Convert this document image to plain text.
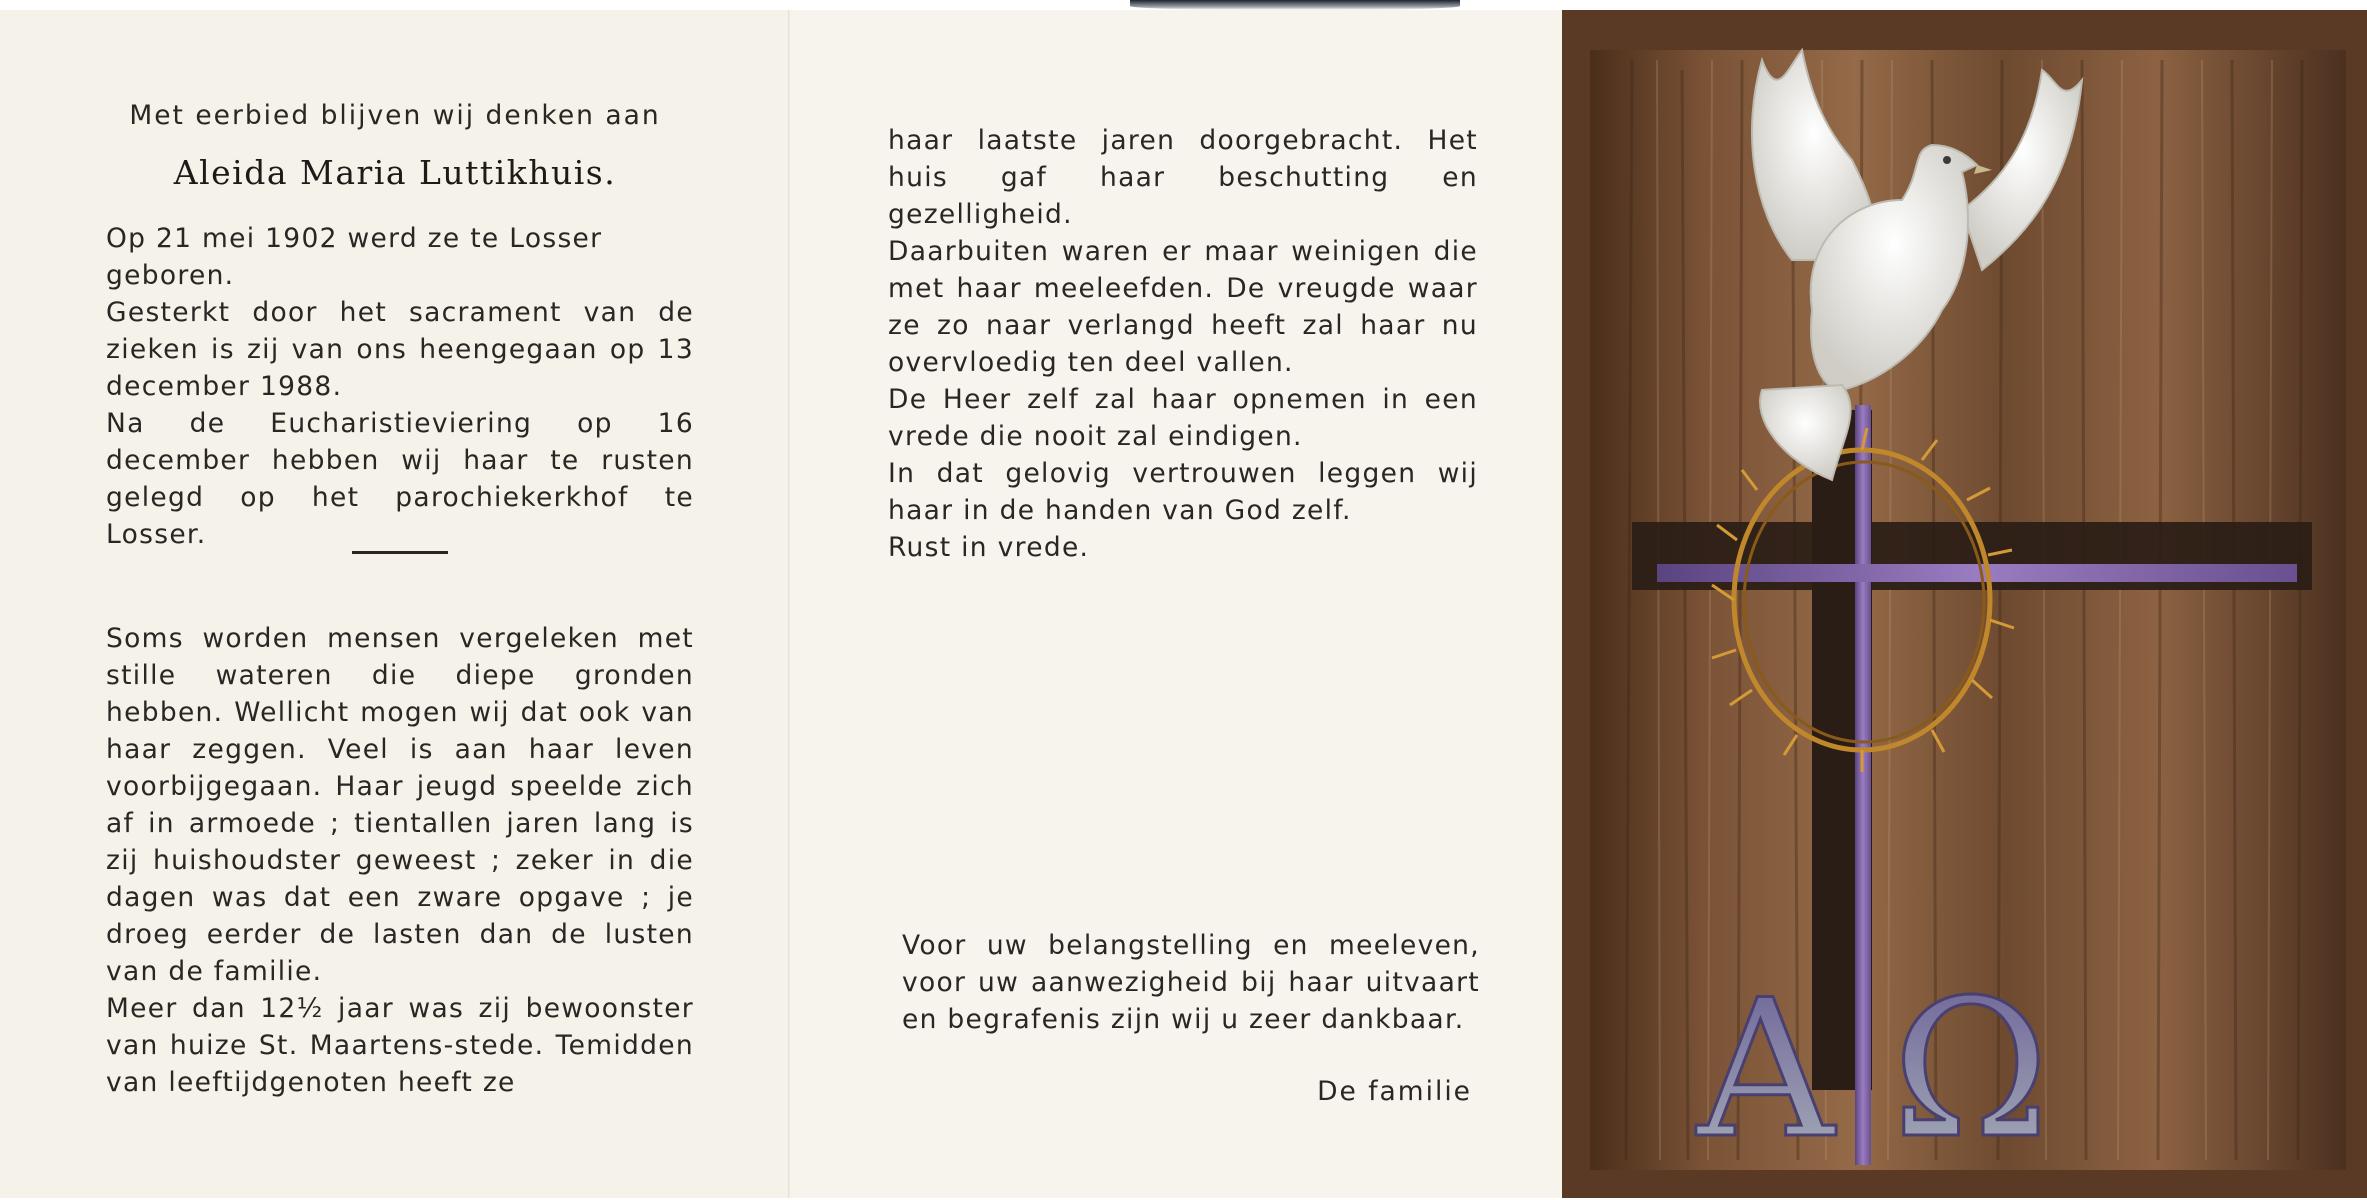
Met eerbied blijven wij denken aan
Aleida Maria Luttikhuis.

Op 21 mei 1902 werd ze te Losser geboren.

Gesterkt door het sacrament van de zieken is zij van ons heengegaan op 13 december 1988.

Na de Eucharistieviering op 16 december hebben wij haar te rusten gelegd op het parochiekerkhof te Losser.

Soms worden mensen vergeleken met stille wateren die diepe gronden hebben. Wellicht mogen wij dat ook van haar zeggen. Veel is aan haar leven voorbijgegaan. Haar jeugd speelde zich af in armoede ; tientallen jaren lang is zij huishoudster geweest ; zeker in die dagen was dat een zware opgave ; je droeg eerder de lasten dan de lusten van de familie.

Meer dan 12½ jaar was zij bewoonster van huize St. Maartens-stede. Temidden van leeftijdgenoten heeft ze

haar laatste jaren doorgebracht. Het huis gaf haar beschutting en gezelligheid.

Daarbuiten waren er maar weinigen die met haar meeleefden. De vreugde waar ze zo naar verlangd heeft zal haar nu overvloedig ten deel vallen.

De Heer zelf zal haar opnemen in een vrede die nooit zal eindigen.

In dat gelovig vertrouwen leggen wij haar in de handen van God zelf.

Rust in vrede.

Voor uw belangstelling en meeleven, voor uw aanwezigheid bij haar uitvaart en begrafenis zijn wij u zeer dankbaar.

De familie A Ω
